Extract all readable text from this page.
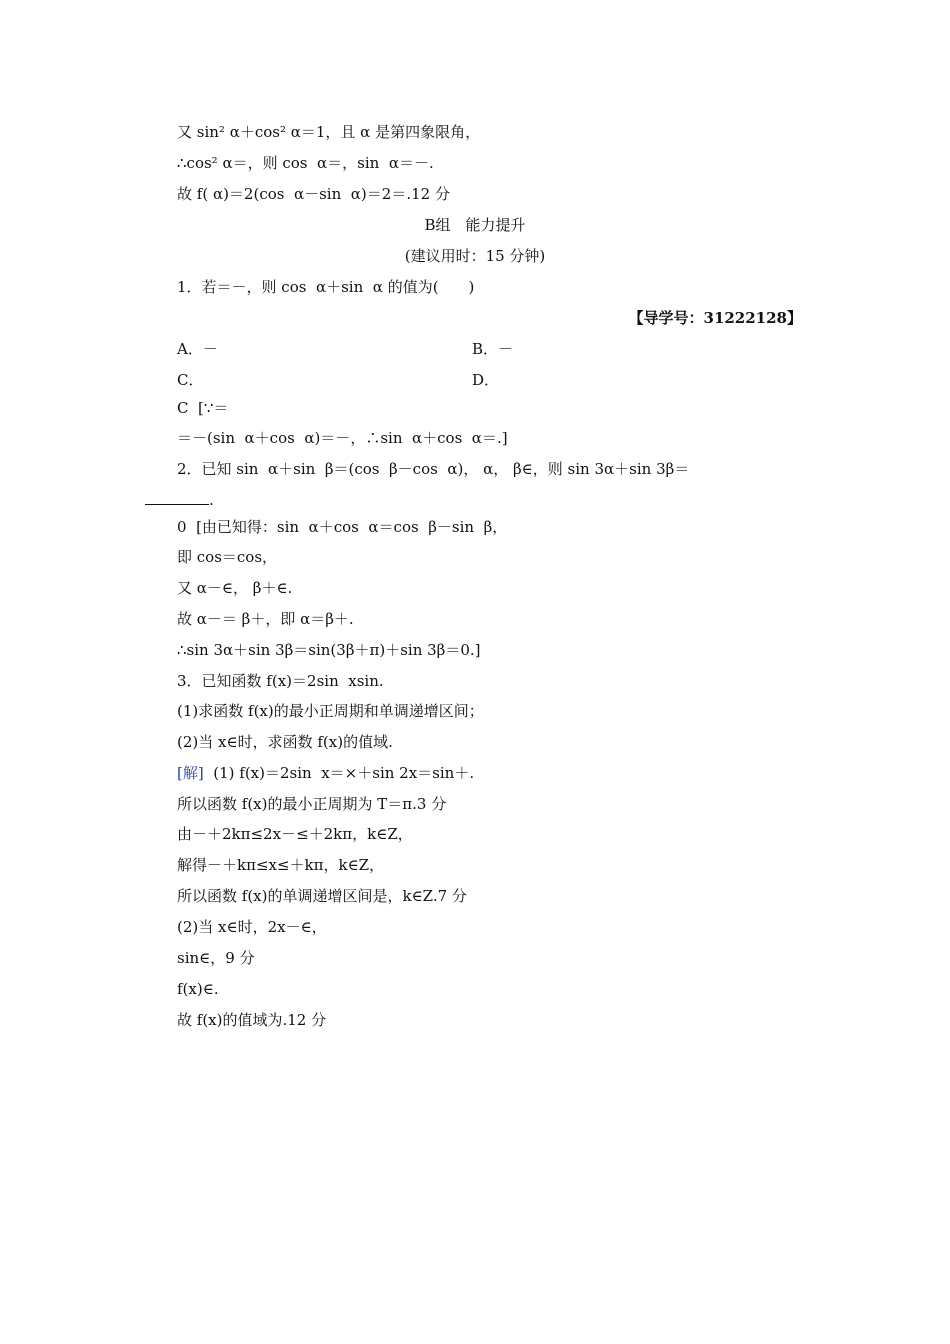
又 sin² α＋cos² α＝1，且 α 是第四象限角，
∴cos² α＝，则 cos  α＝，sin  α＝－.
故 f( α)＝2(cos  α－sin  α)＝2＝.12 分
B组　能力提升
(建议用时：15 分钟)
1．若＝－，则 cos  α＋sin  α 的值为(　　)
【导学号：31222128】
A．－	B．－
C．	D．
C  [∵＝
＝－(sin  α＋cos  α)＝－，∴sin  α＋cos  α＝.]
2．已知 sin  α＋sin  β＝(cos  β－cos  α)， α， β∈，则 sin 3α＋sin 3β＝
.
0  [由已知得：sin  α＋cos  α＝cos  β－sin  β，
即 cos＝cos，
又 α－∈， β＋∈.
故 α－＝ β＋，即 α＝β＋.
∴sin 3α＋sin 3β＝sin(3β＋π)＋sin 3β＝0.]
3．已知函数 f(x)＝2sin  xsin.
(1)求函数 f(x)的最小正周期和单调递增区间；
(2)当 x∈时，求函数 f(x)的值域.
[解]  (1) f(x)＝2sin  x＝×＋sin 2x＝sin＋.
所以函数 f(x)的最小正周期为 T＝π.3 分
由－＋2kπ≤2x－≤＋2kπ，k∈Z，
解得－＋kπ≤x≤＋kπ，k∈Z，
所以函数 f(x)的单调递增区间是，k∈Z.7 分
(2)当 x∈时，2x－∈，
sin∈，9 分
f(x)∈.
故 f(x)的值域为.12 分
